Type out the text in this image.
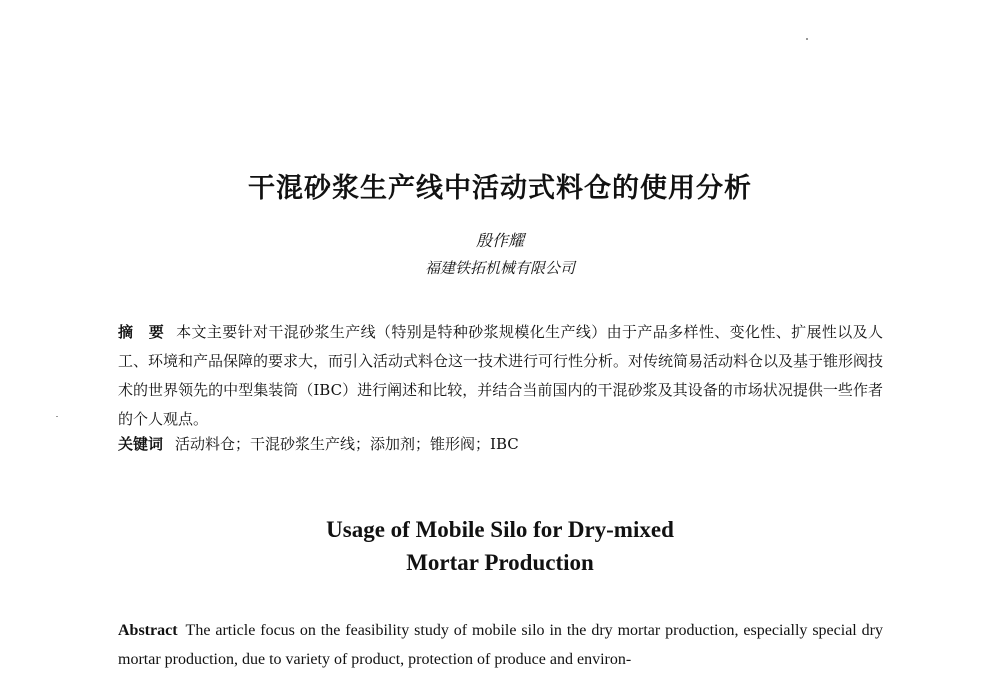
干混砂浆生产线中活动式料仓的使用分析
殷作耀
福建铁拓机械有限公司
摘　要 本文主要针对干混砂浆生产线（特别是特种砂浆规模化生产线）由于产品多样性、变化性、扩展性以及人工、环境和产品保障的要求大，而引入活动式料仓这一技术进行可行性分析。对传统简易活动料仓以及基于锥形阀技术的世界领先的中型集装筒（IBC）进行阐述和比较，并结合当前国内的干混砂浆及其设备的市场状况提供一些作者的个人观点。
关键词 活动料仓；干混砂浆生产线；添加剂；锥形阀；IBC
Usage of Mobile Silo for Dry-mixed
Mortar Production
Abstract The article focus on the feasibility study of mobile silo in the dry mortar production, especially special dry mortar production, due to variety of product, protection of produce and environ-
